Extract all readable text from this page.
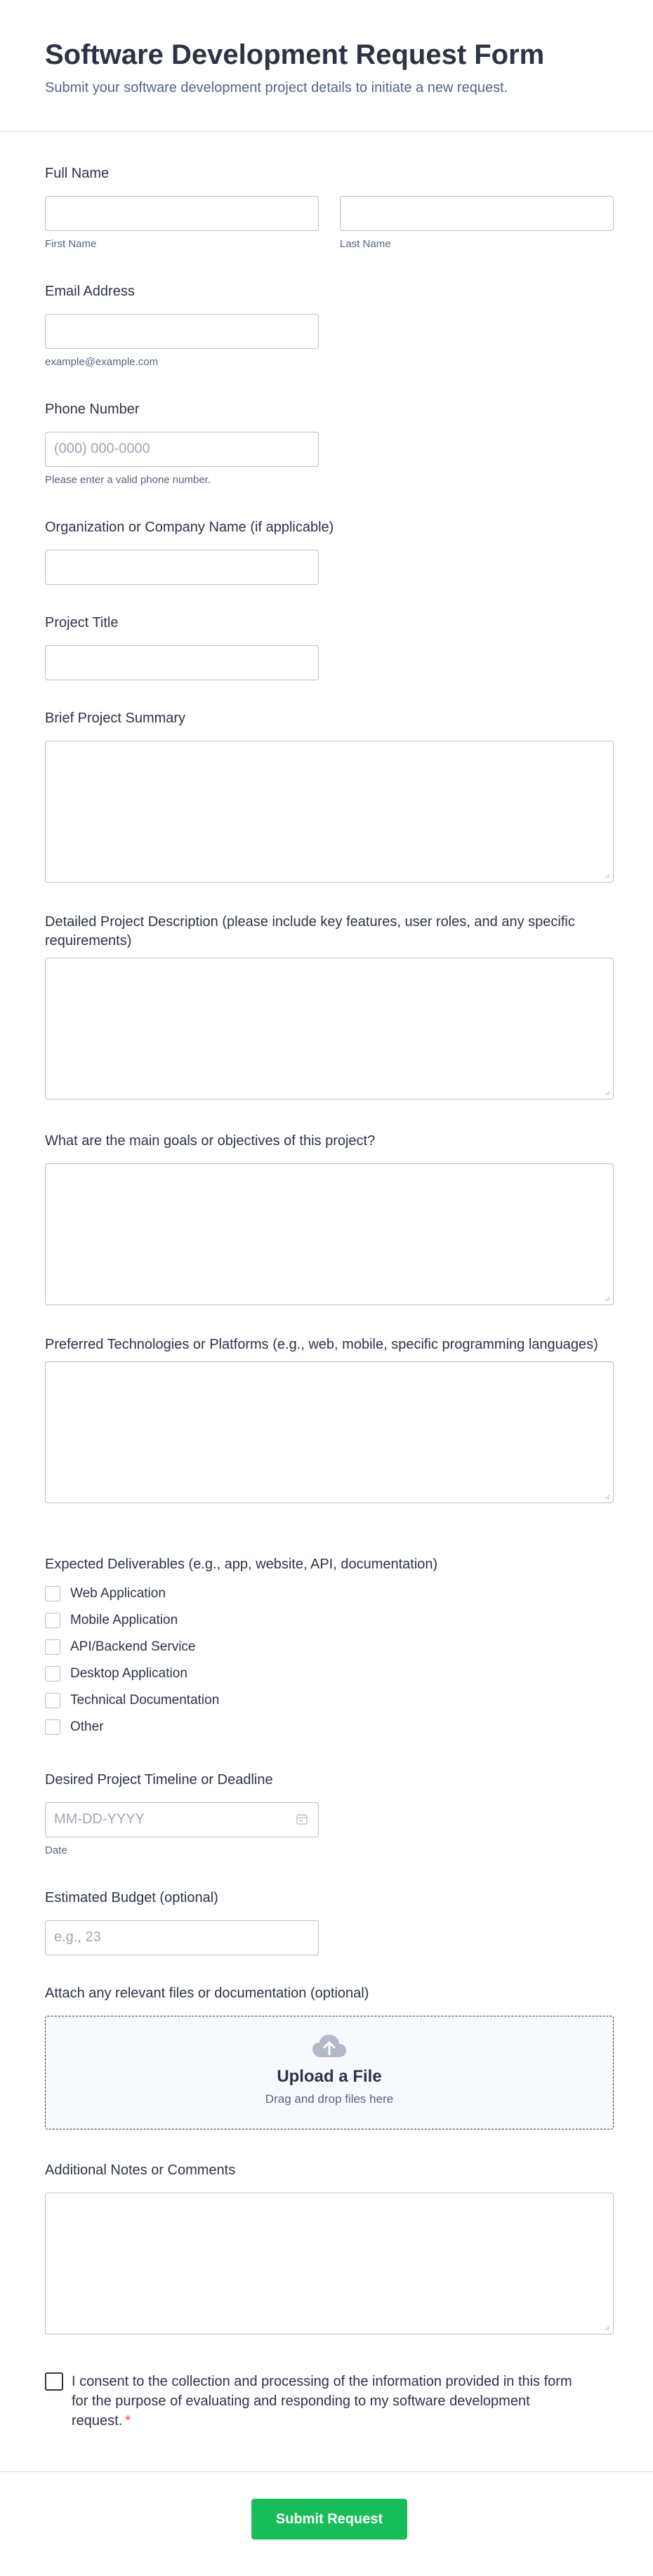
Software Development Request Form

Submit your software development project details to initiate a new request.

Full Name
First Name	Last Name
Email Address
example@example.com
Phone Number
(000) 000-0000
Please enter a valid phone number.
Organization or Company Name (if applicable)
Project Title
Brief Project Summary
Detailed Project Description (please include key features, user roles, and any specific requirements)
What are the main goals or objectives of this project?
Preferred Technologies or Platforms (e.g., web, mobile, specific programming languages)
Expected Deliverables (e.g., app, website, API, documentation)
Web Application
Mobile Application
API/Backend Service
Desktop Application
Technical Documentation
Other
Desired Project Timeline or Deadline
MM-DD-YYYY
Date
Estimated Budget (optional)
e.g., 23
Attach any relevant files or documentation (optional)
Upload a File
Drag and drop files here
Additional Notes or Comments
I consent to the collection and processing of the information provided in this form for the purpose of evaluating and responding to my software development request. *
Submit Request
